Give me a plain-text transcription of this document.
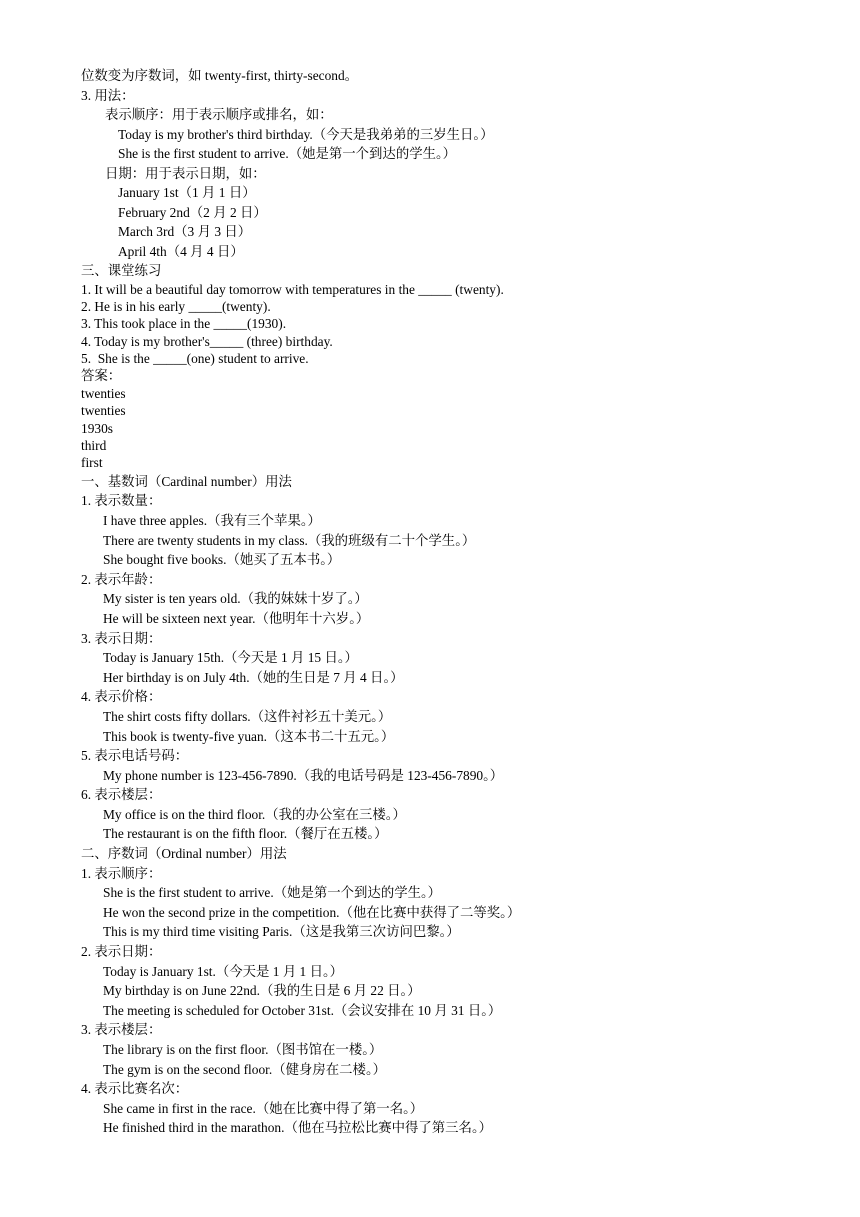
位数变为序数词，如 twenty-first, thirty-second。
3. 用法：
表示顺序：用于表示顺序或排名，如：
Today is my brother's third birthday.（今天是我弟弟的三岁生日。）
She is the first student to arrive.（她是第一个到达的学生。）
日期：用于表示日期，如：
January 1st（1 月 1 日）
February 2nd（2 月 2 日）
March 3rd（3 月 3 日）
April 4th（4 月 4 日）
三、课堂练习
1. It will be a beautiful day tomorrow with temperatures in the _____ (twenty).
2. He is in his early _____(twenty).
3. This took place in the _____(1930).
4. Today is my brother's_____ (three) birthday.
5.  She is the _____(one) student to arrive.
答案：
twenties
twenties
1930s
third
first
一、基数词（Cardinal number）用法
1. 表示数量：
I have three apples.（我有三个苹果。）
There are twenty students in my class.（我的班级有二十个学生。）
She bought five books.（她买了五本书。）
2. 表示年龄：
My sister is ten years old.（我的妹妹十岁了。）
He will be sixteen next year.（他明年十六岁。）
3. 表示日期：
Today is January 15th.（今天是 1 月 15 日。）
Her birthday is on July 4th.（她的生日是 7 月 4 日。）
4. 表示价格：
The shirt costs fifty dollars.（这件衬衫五十美元。）
This book is twenty-five yuan.（这本书二十五元。）
5. 表示电话号码：
My phone number is 123-456-7890.（我的电话号码是 123-456-7890。）
6. 表示楼层：
My office is on the third floor.（我的办公室在三楼。）
The restaurant is on the fifth floor.（餐厅在五楼。）
二、序数词（Ordinal number）用法
1. 表示顺序：
She is the first student to arrive.（她是第一个到达的学生。）
He won the second prize in the competition.（他在比赛中获得了二等奖。）
This is my third time visiting Paris.（这是我第三次访问巴黎。）
2. 表示日期：
Today is January 1st.（今天是 1 月 1 日。）
My birthday is on June 22nd.（我的生日是 6 月 22 日。）
The meeting is scheduled for October 31st.（会议安排在 10 月 31 日。）
3. 表示楼层：
The library is on the first floor.（图书馆在一楼。）
The gym is on the second floor.（健身房在二楼。）
4. 表示比赛名次：
She came in first in the race.（她在比赛中得了第一名。）
He finished third in the marathon.（他在马拉松比赛中得了第三名。）
